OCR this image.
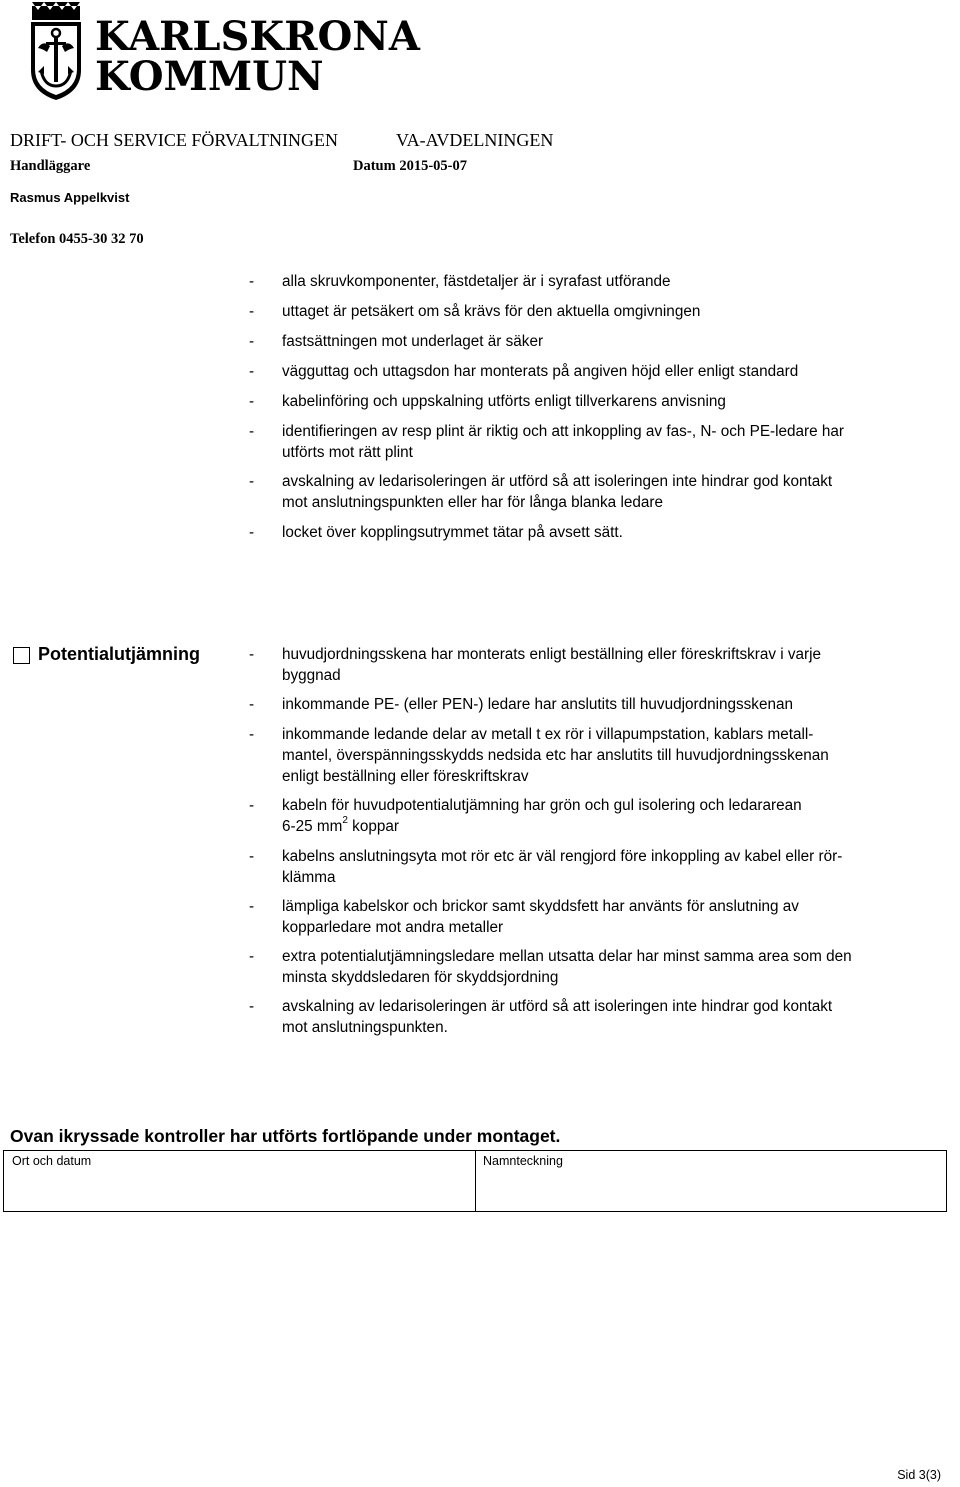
KARLSKRONA
KOMMUN
DRIFT- OCH SERVICE FÖRVALTNINGEN	VA-AVDELNINGEN
Handläggare	Datum 2015-05-07
Rasmus Appelkvist
Telefon 0455-30 32 70
- alla skruvkomponenter, fästdetaljer är i syrafast utförande
- uttaget är petsäkert om så krävs för den aktuella omgivningen
- fastsättningen mot underlaget är säker
- vägguttag och uttagsdon har monterats på angiven höjd eller enligt standard
- kabelinföring och uppskalning utförts enligt tillverkarens anvisning
- identifieringen av resp plint är riktig och att inkoppling av fas-, N- och PE-ledare har
utförts mot rätt plint
- avskalning av ledarisoleringen är utförd så att isoleringen inte hindrar god kontakt
mot anslutningspunkten eller har för långa blanka ledare
- locket över kopplingsutrymmet tätar på avsett sätt.
Potentialutjämning	- huvudjordningsskena har monterats enligt beställning eller föreskriftskrav i varje
byggnad
- inkommande PE- (eller PEN-) ledare har anslutits till huvudjordningsskenan
- inkommande ledande delar av metall t ex rör i villapumpstation, kablars metall-
mantel, överspänningsskydds nedsida etc har anslutits till huvudjordningsskenan
enligt beställning eller föreskriftskrav
- kabeln för huvudpotentialutjämning har grön och gul isolering och ledararean
6-25 $mm^2$ koppar
- kabelns anslutningsyta mot rör etc är väl rengjord före inkoppling av kabel eller rör-
klämma
- lämpliga kabelskor och brickor samt skyddsfett har använts för anslutning av
kopparledare mot andra metaller
- extra potentialutjämningsledare mellan utsatta delar har minst samma area som den
minsta skyddsledaren för skyddsjordning
- avskalning av ledarisoleringen är utförd så att isoleringen inte hindrar god kontakt
mot anslutningspunkten.
Ovan ikryssade kontroller har utförts fortlöpande under montaget.
Ort och datum	Namnteckning
Sid 3(3)
